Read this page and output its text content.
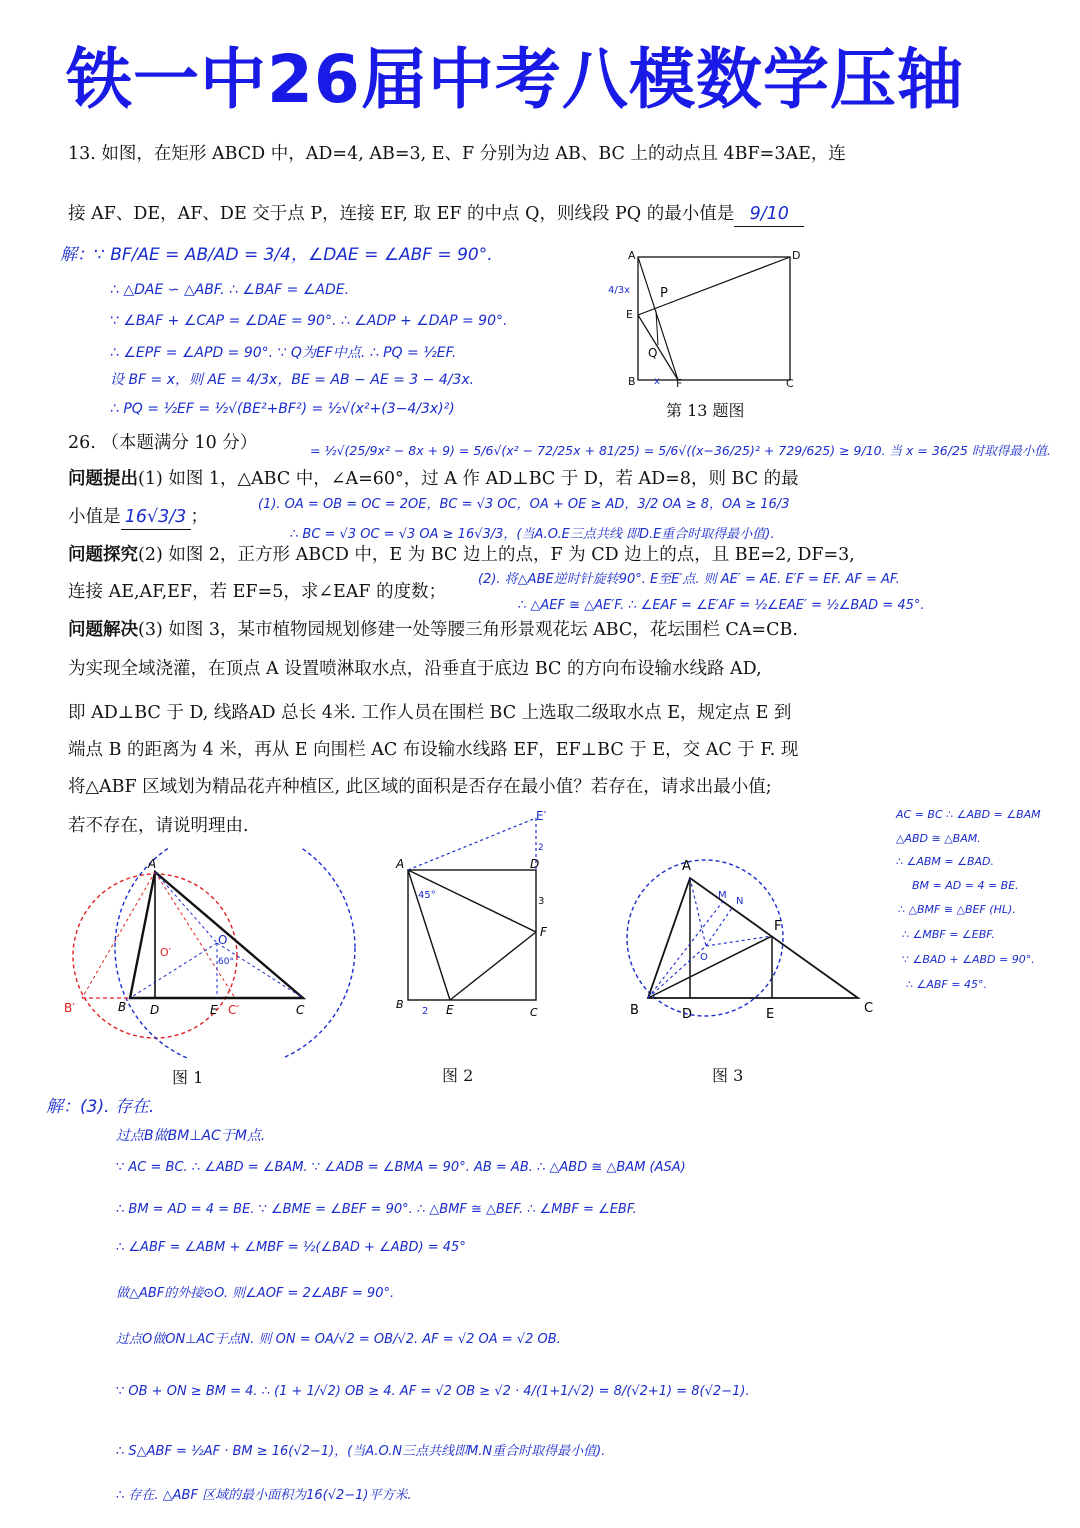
铁一中26届中考八模数学压轴
13. 如图，在矩形 ABCD 中，AD=4, AB=3, E、F 分别为边 AB、BC 上的动点且 4BF=3AE，连
接 AF、DE，AF、DE 交于点 P，连接 EF, 取 EF 的中点 Q，则线段 PQ 的最小值是 9/10
解：∵ BF/AE = AB/AD = 3/4，∠DAE = ∠ABF = 90°.
∴ △DAE ∽ △ABF. ∴ ∠BAF = ∠ADE.
∵ ∠BAF + ∠CAP = ∠DAE = 90°. ∴ ∠ADP + ∠DAP = 90°.
∴ ∠EPF = ∠APD = 90°. ∵ Q为EF中点. ∴ PQ = ½EF.
设 BF = x，则 AE = 4/3x，BE = AB − AE = 3 − 4/3x.
∴ PQ = ½EF = ½√(BE²+BF²) = ½√(x²+(3−4/3x)²)
= ½√(25/9x² − 8x + 9) = 5/6√(x² − 72/25x + 81/25) = 5/6√((x−36/25)² + 729/625) ≥ 9/10. 当 x = 36/25 时取得最小值.
A	D
P
E
Q
B	F	C
4/3x
x
第 13 题图
26. （本题满分 10 分）
问题提出(1) 如图 1，△ABC 中，∠A=60°，过 A 作 AD⊥BC 于 D，若 AD=8，则 BC 的最
小值是 16√3/3 ；
(1). OA = OB = OC = 2OE，BC = √3 OC，OA + OE ≥ AD，3/2 OA ≥ 8，OA ≥ 16/3
∴ BC = √3 OC = √3 OA ≥ 16√3/3，(当A.O.E三点共线 即D.E重合时取得最小值).
问题探究(2) 如图 2，正方形 ABCD 中，E 为 BC 边上的点，F 为 CD 边上的点，且 BE=2, DF=3,
连接 AE,AF,EF，若 EF=5，求∠EAF 的度数；
(2). 将△ABE逆时针旋转90°. E至E′点. 则 AE′ = AE. E′F = EF. AF = AF.
∴ △AEF ≅ △AE′F. ∴ ∠EAF = ∠E′AF = ½∠EAE′ = ½∠BAD = 45°.
问题解决(3) 如图 3，某市植物园规划修建一处等腰三角形景观花坛 ABC，花坛围栏 CA=CB.
为实现全域浇灌，在顶点 A 设置喷淋取水点，沿垂直于底边 BC 的方向布设输水线路 AD,
即 AD⊥BC 于 D, 线路AD 总长 4米. 工作人员在围栏 BC 上选取二级取水点 E，规定点 E 到
端点 B 的距离为 4 米，再从 E 向围栏 AC 布设输水线路 EF，EF⊥BC 于 E，交 AC 于 F. 现
将△ABF 区域划为精品花卉种植区, 此区域的面积是否存在最小值？若存在，请求出最小值;
若不存在，请说明理由.
AC = BC ∴ ∠ABD = ∠BAM
△ABD ≅ △BAM.
∴ ∠ABM = ∠BAD.
BM = AD = 4 = BE.
∴ △BMF ≅ △BEF (HL).
∴ ∠MBF = ∠EBF.
∵ ∠BAD + ∠ABD = 90°.
∴ ∠ABF = 45°.
A
B D	E	C
B′	C′
O
O′
60°
图 1
A	D
E′
2
3
F
45°
B
2 E	C
图 2
A
M
N
F
O
B	D	E	C
图 3
解：(3). 存在.
过点B做BM⊥AC于M点.
∵ AC = BC. ∴ ∠ABD = ∠BAM. ∵ ∠ADB = ∠BMA = 90°. AB = AB. ∴ △ABD ≅ △BAM (ASA)
∴ BM = AD = 4 = BE. ∵ ∠BME = ∠BEF = 90°. ∴ △BMF ≅ △BEF. ∴ ∠MBF = ∠EBF.
∴ ∠ABF = ∠ABM + ∠MBF = ½(∠BAD + ∠ABD) = 45°
做△ABF的外接⊙O. 则∠AOF = 2∠ABF = 90°.
过点O做ON⊥AC于点N. 则 ON = OA/√2 = OB/√2. AF = √2 OA = √2 OB.
∵ OB + ON ≥ BM = 4. ∴ (1 + 1/√2) OB ≥ 4. AF = √2 OB ≥ √2 · 4/(1+1/√2) = 8/(√2+1) = 8(√2−1).
∴ S△ABF = ½AF · BM ≥ 16(√2−1)，(当A.O.N三点共线即M.N重合时取得最小值).
∴ 存在. △ABF 区域的最小面积为16(√2−1)平方米.
